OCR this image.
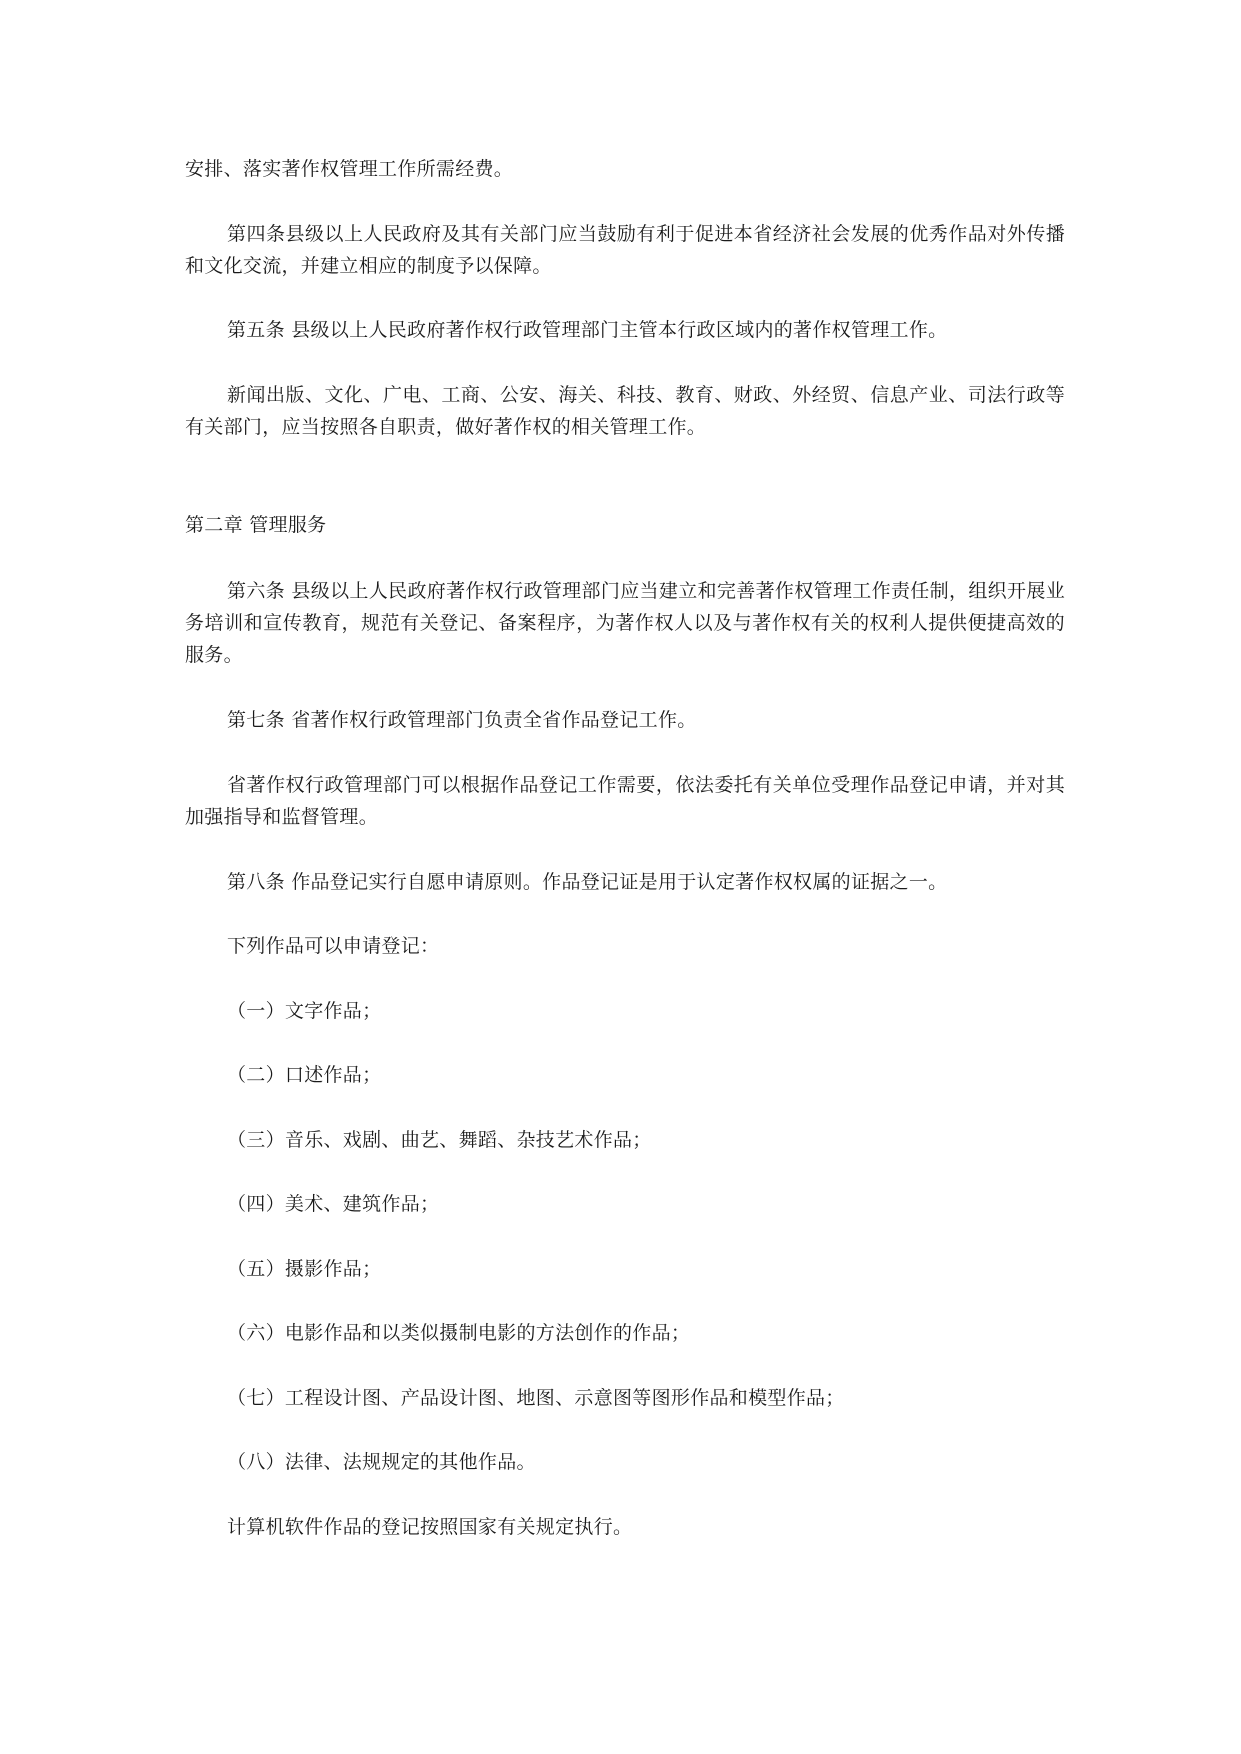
安排、落实著作权管理工作所需经费。

第四条县级以上人民政府及其有关部门应当鼓励有利于促进本省经济社会发展的优秀作品对外传播和文化交流，并建立相应的制度予以保障。

第五条 县级以上人民政府著作权行政管理部门主管本行政区域内的著作权管理工作。

新闻出版、文化、广电、工商、公安、海关、科技、教育、财政、外经贸、信息产业、司法行政等有关部门，应当按照各自职责，做好著作权的相关管理工作。

第二章 管理服务

第六条 县级以上人民政府著作权行政管理部门应当建立和完善著作权管理工作责任制，组织开展业务培训和宣传教育，规范有关登记、备案程序，为著作权人以及与著作权有关的权利人提供便捷高效的服务。

第七条 省著作权行政管理部门负责全省作品登记工作。

省著作权行政管理部门可以根据作品登记工作需要，依法委托有关单位受理作品登记申请，并对其加强指导和监督管理。

第八条 作品登记实行自愿申请原则。作品登记证是用于认定著作权权属的证据之一。

下列作品可以申请登记：

（一）文字作品；

（二）口述作品；

（三）音乐、戏剧、曲艺、舞蹈、杂技艺术作品；

（四）美术、建筑作品；

（五）摄影作品；

（六）电影作品和以类似摄制电影的方法创作的作品；

（七）工程设计图、产品设计图、地图、示意图等图形作品和模型作品；

（八）法律、法规规定的其他作品。

计算机软件作品的登记按照国家有关规定执行。
